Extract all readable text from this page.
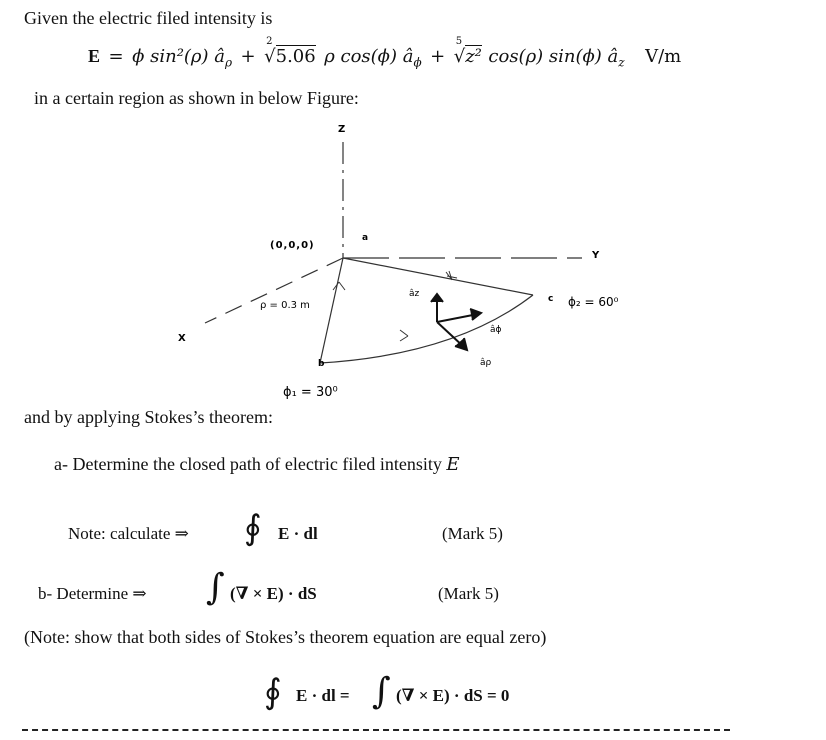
Given the electric filed intensity is
E = ϕ sin²(ρ) $â_\rho$ +
2
√5.06 ρ cos(ϕ) $â_\phi$ +
5
√z² cos(ρ) sin(ϕ) $â_z$ V/m
in a certain region as shown in below Figure:
Z
Y
X
(0,0,0)
a
ρ = 0.3 m
âz	c ϕ₂ = 60⁰
âϕ
b	âρ
ϕ₁ = 30⁰
and by applying Stokes’s theorem:
a- Determine the closed path of electric filed intensity E
Note: calculate ⇒ ∮ E · dl	(Mark 5)
b- Determine ⇒ ∫ (∇ × E) · dS	(Mark 5)
(Note: show that both sides of Stokes’s theorem equation are equal zero)
∮ E · dl = ∫ (∇ × E) · dS = 0
